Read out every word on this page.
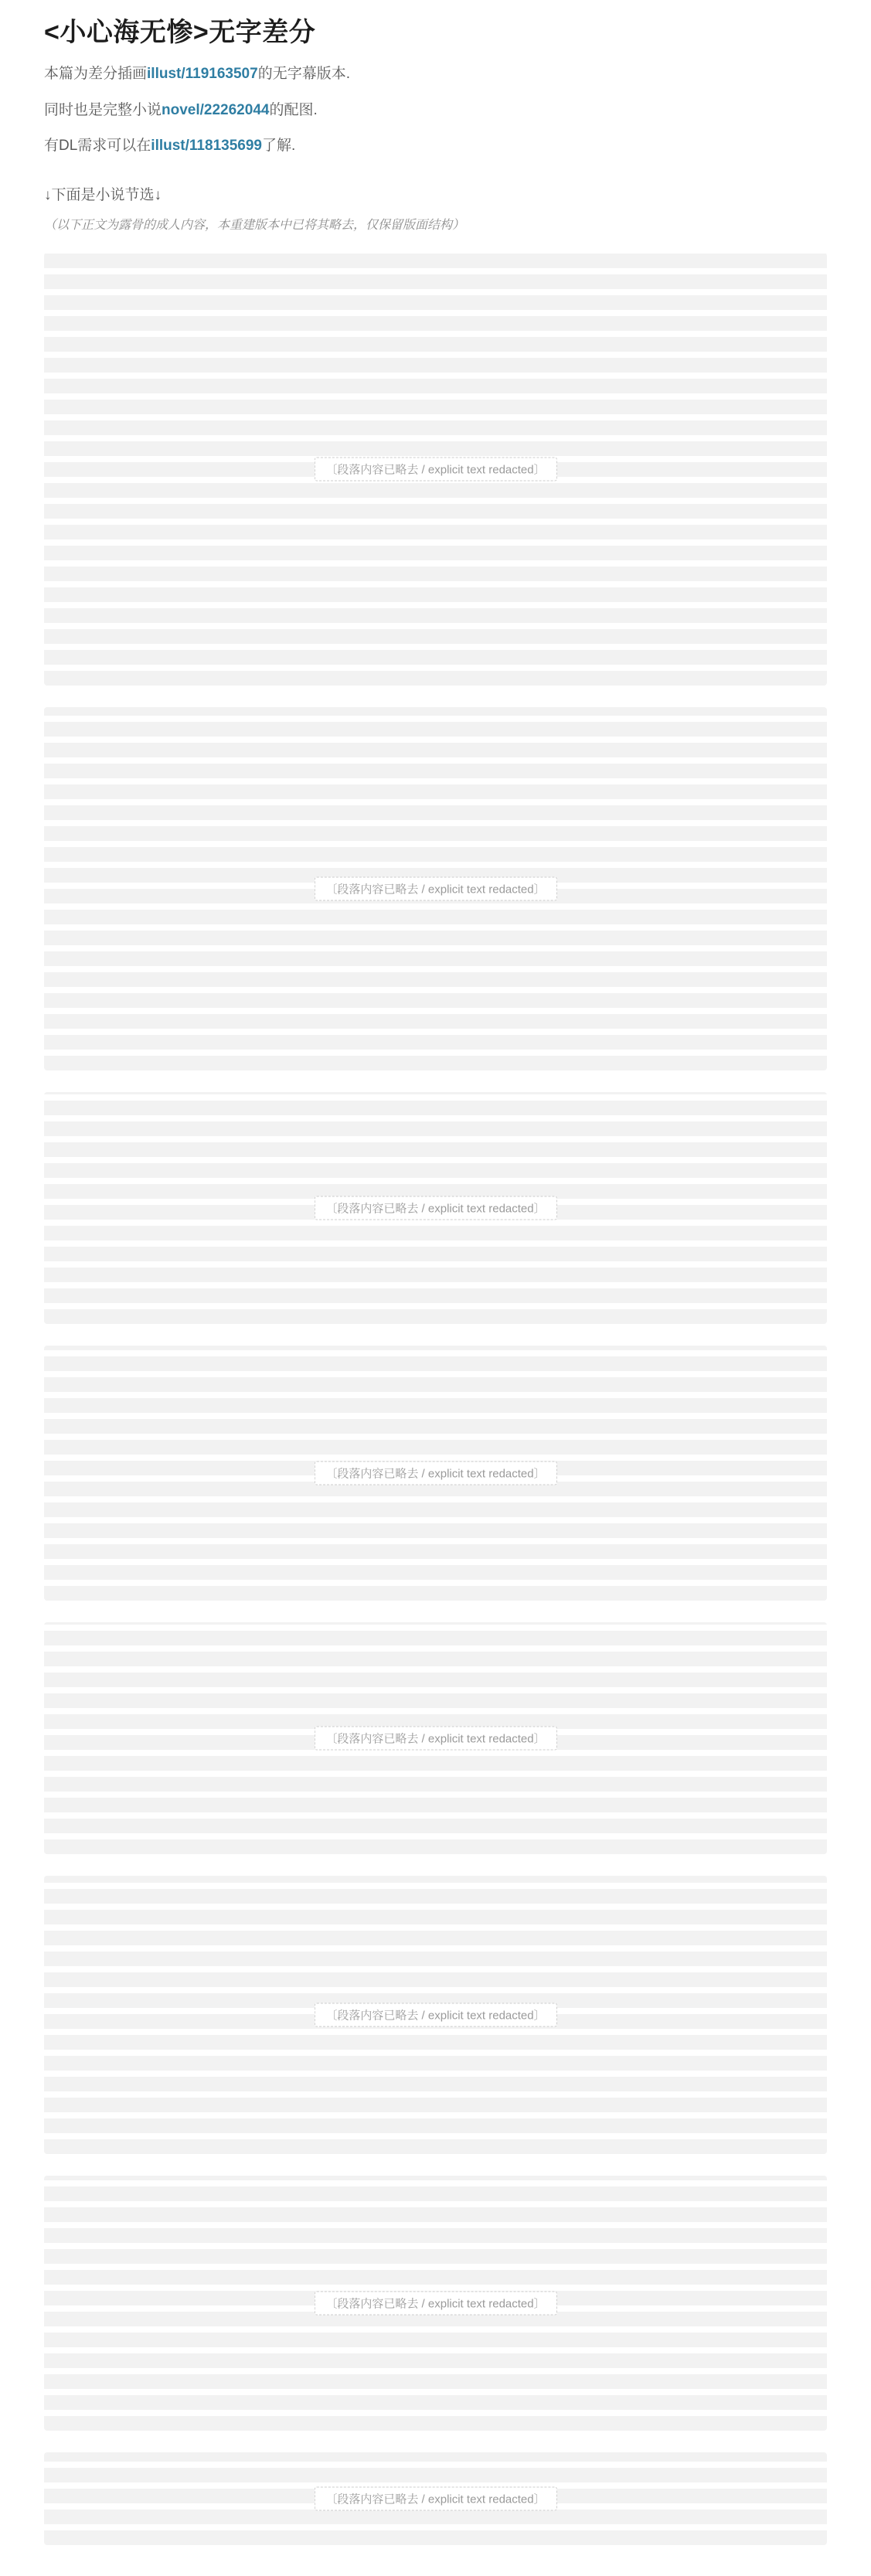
<小心海无惨>无字差分

本篇为差分插画illust/119163507的无字幕版本.

同时也是完整小说novel/22262044的配图.

有DL需求可以在illust/118135699了解.

↓下面是小说节选↓

（以下正文为露骨的成人内容，本重建版本中已将其略去，仅保留版面结构）

〔段落内容已略去 / explicit text redacted〕
〔段落内容已略去 / explicit text redacted〕
〔段落内容已略去 / explicit text redacted〕
〔段落内容已略去 / explicit text redacted〕
〔段落内容已略去 / explicit text redacted〕
〔段落内容已略去 / explicit text redacted〕
〔段落内容已略去 / explicit text redacted〕
〔段落内容已略去 / explicit text redacted〕
